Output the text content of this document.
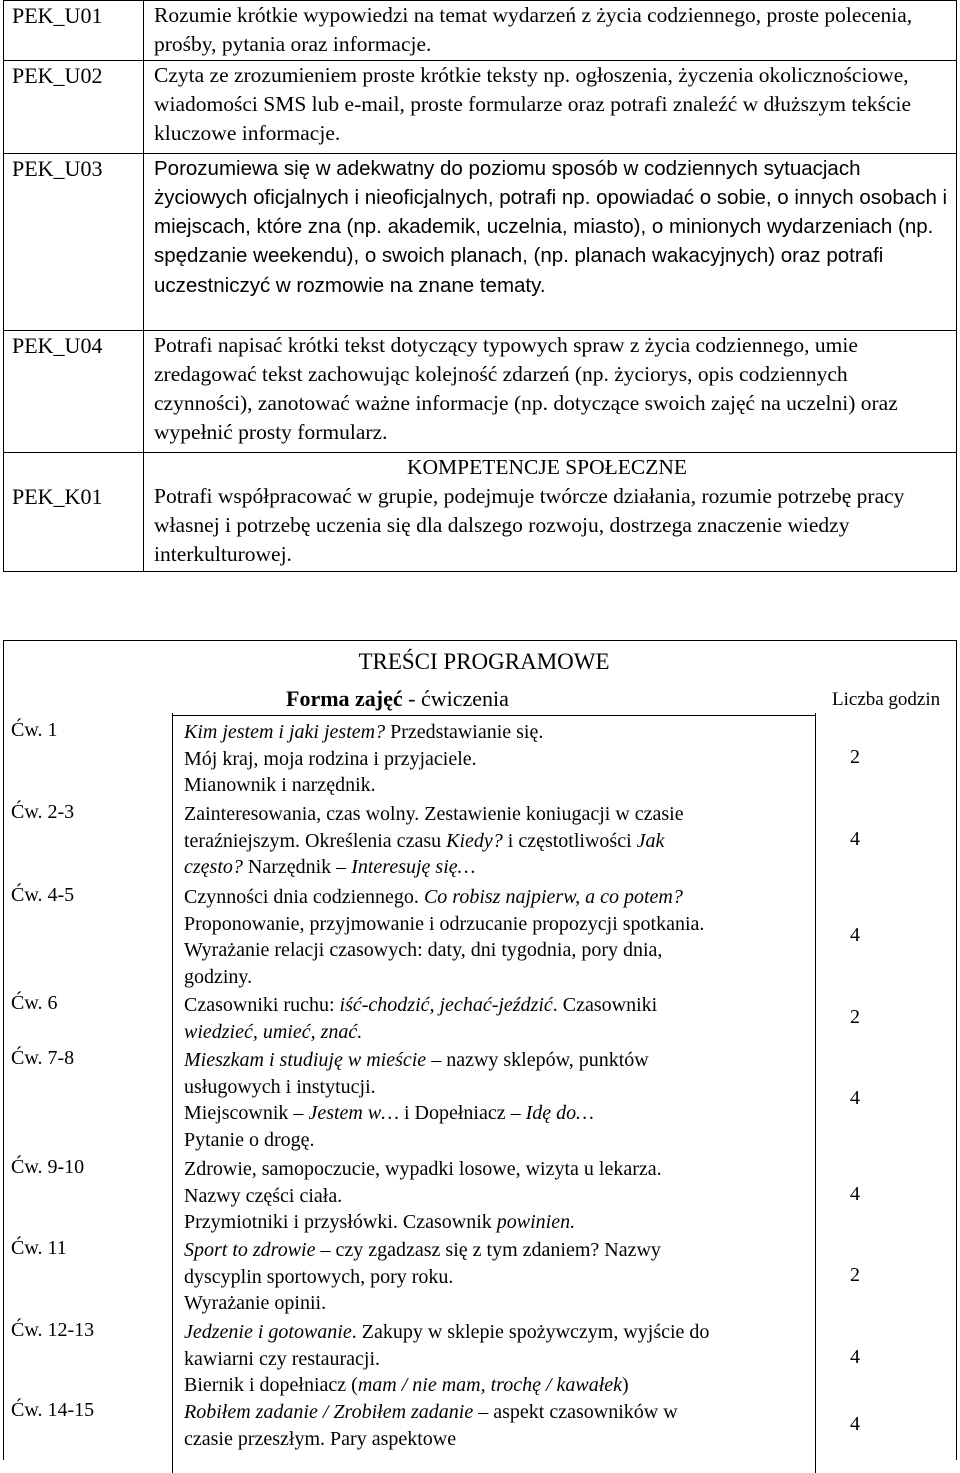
PEK_U01	Rozumie krótkie wypowiedzi na temat wydarzeń z życia codziennego, proste polecenia, prośby, pytania oraz informacje.
PEK_U02	Czyta ze zrozumieniem proste krótkie teksty np. ogłoszenia, życzenia okolicznościowe, wiadomości SMS lub e-mail, proste formularze oraz potrafi znaleźć w dłuższym tekście kluczowe informacje.
PEK_U03	Porozumiewa się w adekwatny do poziomu sposób w codziennych sytuacjach życiowych oficjalnych i nieoficjalnych, potrafi np. opowiadać o sobie, o innych osobach i miejscach, które zna (np. akademik, uczelnia, miasto), o minionych wydarzeniach (np. spędzanie weekendu), o swoich planach, (np. planach wakacyjnych) oraz potrafi uczestniczyć w rozmowie na znane tematy.
PEK_U04	Potrafi napisać krótki tekst dotyczący typowych spraw z życia codziennego, umie zredagować tekst zachowując kolejność zdarzeń (np. życiorys, opis codziennych czynności), zanotować ważne informacje (np. dotyczące swoich zajęć na uczelni) oraz wypełnić prosty formularz.
	KOMPETENCJE SPOŁECZNE
PEK_K01	Potrafi współpracować w grupie, podejmuje twórcze działania, rozumie potrzebę pracy własnej i potrzebę uczenia się dla dalszego rozwoju, dostrzega znaczenie wiedzy interkulturowej.
TREŚCI PROGRAMOWE
Forma zajęć - ćwiczenia	Liczba godzin
Ćw. 1	Kim jestem i jaki jestem? Przedstawianie się.
Mój kraj, moja rodzina i przyjaciele.
Mianownik i narzędnik.
2
Ćw. 2-3	Zainteresowania, czas wolny. Zestawienie koniugacji w czasie
teraźniejszym. Określenia czasu Kiedy? i częstotliwości Jak
często? Narzędnik – Interesuję się…
4
Ćw. 4-5	Czynności dnia codziennego. Co robisz najpierw, a co potem?
Proponowanie, przyjmowanie i odrzucanie propozycji spotkania.
Wyrażanie relacji czasowych: daty, dni tygodnia, pory dnia,
godziny.
4
Ćw. 6	Czasowniki ruchu: iść-chodzić, jechać-jeździć. Czasowniki
wiedzieć, umieć, znać.
2
Ćw. 7-8	Mieszkam i studiuję w mieście – nazwy sklepów, punktów
usługowych i instytucji.
Miejscownik – Jestem w… i Dopełniacz – Idę do…
Pytanie o drogę.
4
Ćw. 9-10	Zdrowie, samopoczucie, wypadki losowe, wizyta u lekarza.
Nazwy części ciała.
Przymiotniki i przysłówki. Czasownik powinien.
4
Ćw. 11	Sport to zdrowie – czy zgadzasz się z tym zdaniem? Nazwy
dyscyplin sportowych, pory roku.
Wyrażanie opinii.
2
Ćw. 12-13	Jedzenie i gotowanie. Zakupy w sklepie spożywczym, wyjście do
kawiarni czy restauracji.
Biernik i dopełniacz (mam / nie mam, trochę / kawałek)
4
Ćw. 14-15	Robiłem zadanie / Zrobiłem zadanie – aspekt czasowników w
czasie przeszłym. Pary aspektowe
4
